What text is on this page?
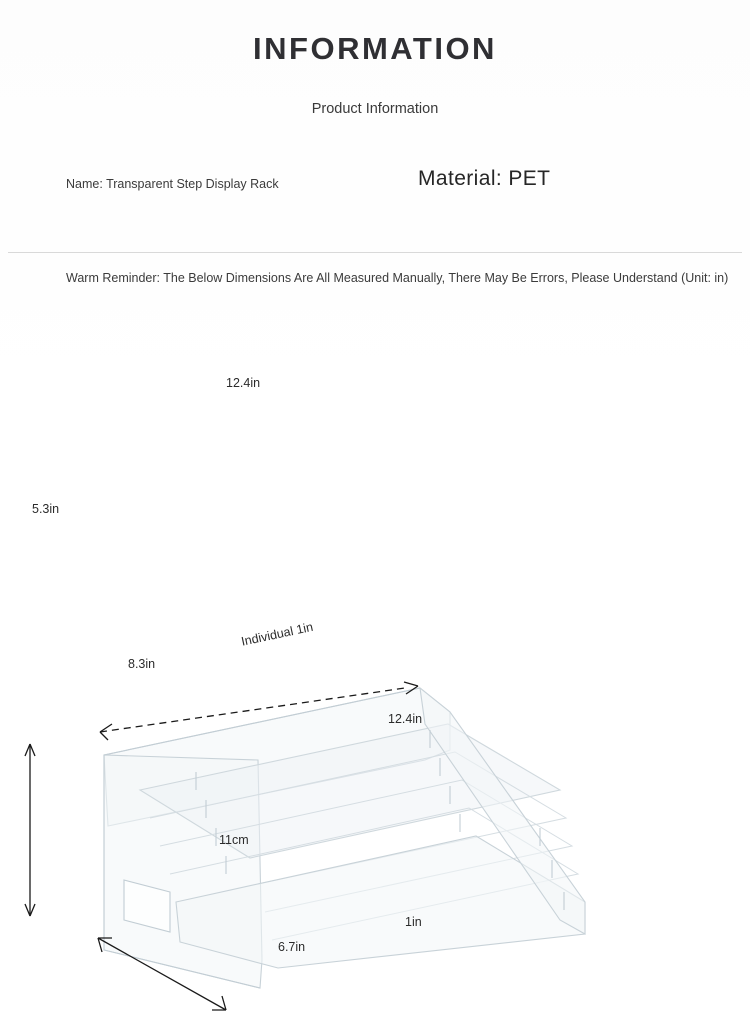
INFORMATION
Product Information
Name: Transparent Step Display Rack	Material: PET
Warm Reminder: The Below Dimensions Are All Measured Manually, There May Be Errors, Please Understand (Unit: in)
12.4in
5.3in
8.3in
Individual 1in
12.4in
11cm
6.7in
1in
